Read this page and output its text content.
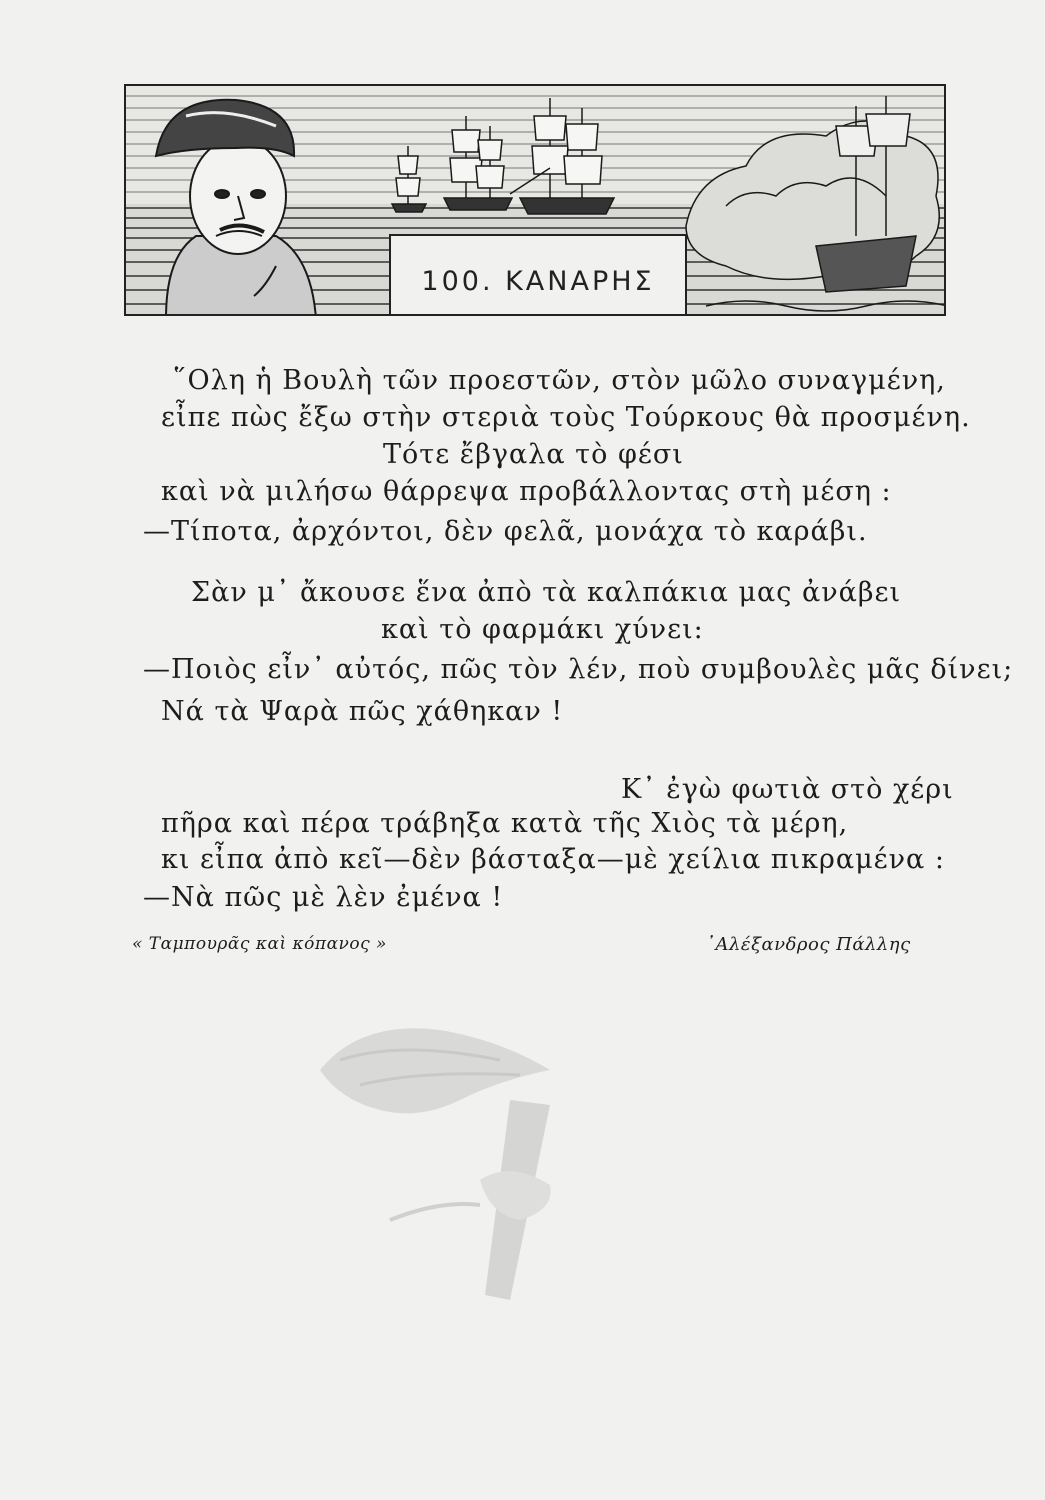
100. ΚΑΝΑΡΗΣ
῞Ολη ἡ Βουλὴ τῶν προεστῶν, στὸν μῶλο συναγμένη,
εἶπε πὼς ἔξω στὴν στεριὰ τοὺς Τούρκους θὰ προσμένη.
Τότε ἔβγαλα τὸ φέσι
καὶ νὰ μιλήσω θάρρεψα προβάλλοντας στὴ μέση :
—Τίποτα, ἀρχόντοι, δὲν φελᾶ, μονάχα τὸ καράβι.
Σὰν μ᾽ ἄκουσε ἕνα ἀπὸ τὰ καλπάκια μας ἀνάβει
καὶ τὸ φαρμάκι χύνει:
—Ποιὸς εἶν᾽ αὐτός, πῶς τὸν λέν, ποὺ συμβουλὲς μᾶς δίνει;
Νά τὰ Ψαρὰ πῶς χάθηκαν !
Κ᾽ ἐγὼ φωτιὰ στὸ χέρι
πῆρα καὶ πέρα τράβηξα κατὰ τῆς Χιὸς τὰ μέρη,
κι εἶπα ἀπὸ κεῖ—δὲν βάσταξα—μὲ χείλια πικραμένα :
—Νὰ πῶς μὲ λὲν ἐμένα !
« Ταμπουρᾶς καὶ κόπανος »	᾽Αλέξανδρος Πάλλης
